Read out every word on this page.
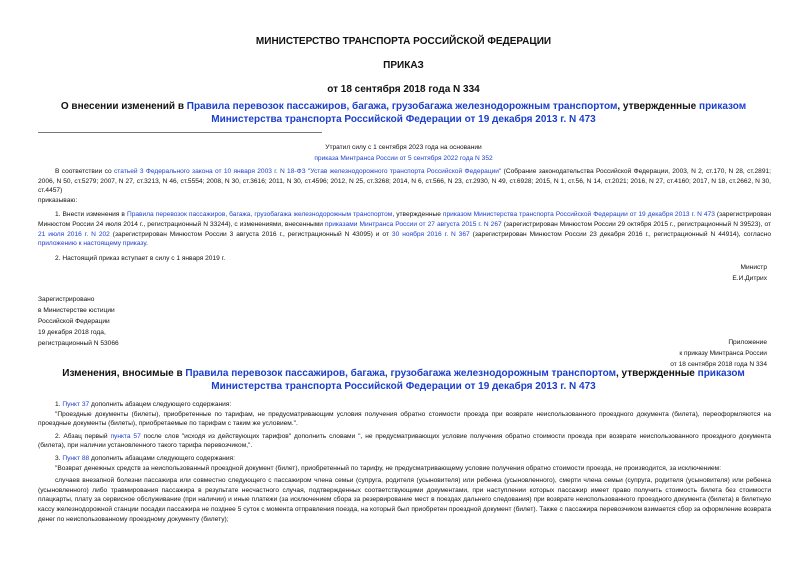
МИНИСТЕРСТВО ТРАНСПОРТА РОССИЙСКОЙ ФЕДЕРАЦИИ
ПРИКАЗ
от 18 сентября 2018 года N 334
О внесении изменений в Правила перевозок пассажиров, багажа, грузобагажа железнодорожным транспортом, утвержденные приказом Министерства транспорта Российской Федерации от 19 декабря 2013 г. N 473
Утратил силу с 1 сентября 2023 года на основании
приказа Минтранса России от 5 сентября 2022 года N 352

В соответствии со статьей 3 Федерального закона от 10 января 2003 г. N 18-ФЗ "Устав железнодорожного транспорта Российской Федерации" (Собрание законодательства Российской Федерации, 2003, N 2, ст.170, N 28, ст.2891; 2006, N 50, ст.5279; 2007, N 27, ст.3213, N 46, ст.5554; 2008, N 30, ст.3616; 2011, N 30, ст.4596; 2012, N 25, ст.3268; 2014, N 6, ст.566, N 23, ст.2930, N 49, ст.6928; 2015, N 1, ст.56, N 14, ст.2021; 2016, N 27, ст.4160; 2017, N 18, ст.2662, N 30, ст.4457)

приказываю:

1. Внести изменения в Правила перевозок пассажиров, багажа, грузобагажа железнодорожным транспортом, утвержденные приказом Министерства транспорта Российской Федерации от 19 декабря 2013 г. N 473 (зарегистрирован Минюстом России 24 июля 2014 г., регистрационный N 33244), с изменениями, внесенными приказами Минтранса России от 27 августа 2015 г. N 267 (зарегистрирован Минюстом России 29 октября 2015 г., регистрационный N 39523), от 21 июля 2016 г. N 202 (зарегистрирован Минюстом России 3 августа 2016 г., регистрационный N 43095) и от 30 ноября 2016 г. N 367 (зарегистрирован Минюстом России 23 декабря 2016 г., регистрационный N 44914), согласно приложению к настоящему приказу.

2. Настоящий приказ вступает в силу с 1 января 2019 г.

Министр
Е.И.Дитрих
Зарегистрировано
в Министерстве юстиции
Российской Федерации
19 декабря 2018 года,
регистрационный N 53066	Приложение
к приказу Минтранса России
от 18 сентября 2018 года N 334
Изменения, вносимые в Правила перевозок пассажиров, багажа, грузобагажа железнодорожным транспортом, утвержденные приказом Министерства транспорта Российской Федерации от 19 декабря 2013 г. N 473

1. Пункт 37 дополнить абзацем следующего содержания:

"Проездные документы (билеты), приобретенные по тарифам, не предусматривающим условия получения обратно стоимости проезда при возврате неиспользованного проездного документа (билета), переоформляются на проездные документы (билеты), приобретаемые по тарифам с таким же условием.".

2. Абзац первый пункта 57 после слов "исходя из действующих тарифов" дополнить словами ", не предусматривающих условие получения обратно стоимости проезда при возврате неиспользованного проездного документа (билета), при наличии установленного такого тарифа перевозчиком,".

3. Пункт 88 дополнить абзацами следующего содержания:

"Возврат денежных средств за неиспользованный проездной документ (билет), приобретенный по тарифу, не предусматривающему условие получения обратно стоимости проезда, не производится, за исключением:

случаев внезапной болезни пассажира или совместно следующего с пассажиром члена семьи (супруга, родителя (усыновителя) или ребенка (усыновленного), смерти члена семьи (супруга, родителя (усыновителя) или ребенка (усыновленного) либо травмирования пассажира в результате несчастного случая, подтвержденных соответствующими документами, при наступлении которых пассажир имеет право получить стоимость билета без стоимости плацкарты, плату за сервисное обслуживание (при наличии) и иные платежи (за исключением сбора за резервирование мест в поездах дальнего следования) при возврате неиспользованного проездного документа (билета) в билетную кассу железнодорожной станции посадки пассажира не позднее 5 суток с момента отправления поезда, на который был приобретен проездной документ (билет). Также с пассажира перевозчиком взимается сбор за оформление возврата денег по неиспользованному проездному документу (билету);
